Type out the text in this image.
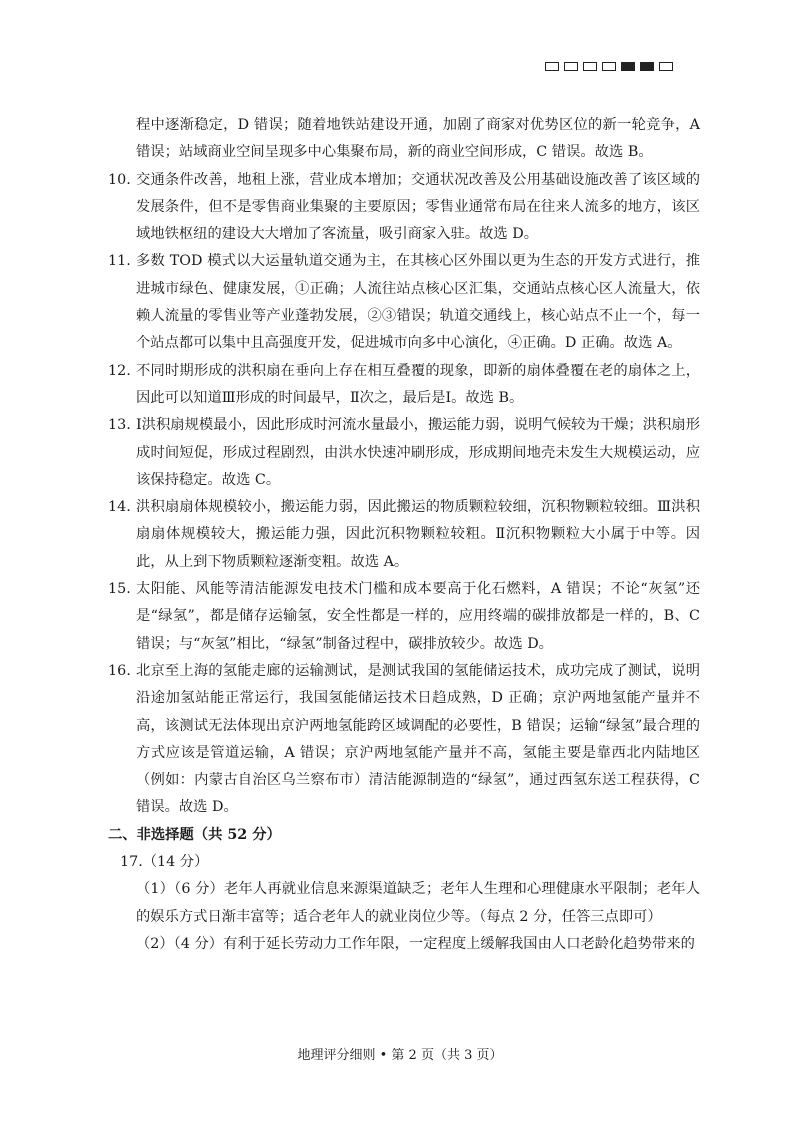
程中逐渐稳定，D 错误；随着地铁站建设开通，加剧了商家对优势区位的新一轮竞争，A 错误；站域商业空间呈现多中心集聚布局，新的商业空间形成，C 错误。故选 B。

10. 交通条件改善，地租上涨，营业成本增加；交通状况改善及公用基础设施改善了该区域的发展条件，但不是零售商业集聚的主要原因；零售业通常布局在往来人流多的地方，该区域地铁枢纽的建设大大增加了客流量，吸引商家入驻。故选 D。
11. 多数 TOD 模式以大运量轨道交通为主，在其核心区外围以更为生态的开发方式进行，推进城市绿色、健康发展，①正确；人流往站点核心区汇集，交通站点核心区人流量大，依赖人流量的零售业等产业蓬勃发展，②③错误；轨道交通线上，核心站点不止一个，每一个站点都可以集中且高强度开发，促进城市向多中心演化，④正确。D 正确。故选 A。
12. 不同时期形成的洪积扇在垂向上存在相互叠覆的现象，即新的扇体叠覆在老的扇体之上，因此可以知道Ⅲ形成的时间最早，Ⅱ次之，最后是Ⅰ。故选 B。
13. Ⅰ洪积扇规模最小，因此形成时河流水量最小，搬运能力弱，说明气候较为干燥；洪积扇形成时间短促，形成过程剧烈，由洪水快速冲刷形成，形成期间地壳未发生大规模运动，应该保持稳定。故选 C。
14. 洪积扇扇体规模较小，搬运能力弱，因此搬运的物质颗粒较细，沉积物颗粒较细。Ⅲ洪积扇扇体规模较大，搬运能力强，因此沉积物颗粒较粗。Ⅱ沉积物颗粒大小属于中等。因此，从上到下物质颗粒逐渐变粗。故选 A。
15. 太阳能、风能等清洁能源发电技术门槛和成本要高于化石燃料，A 错误；不论“灰氢”还是“绿氢”，都是储存运输氢，安全性都是一样的，应用终端的碳排放都是一样的，B、C 错误；与“灰氢”相比，“绿氢”制备过程中，碳排放较少。故选 D。
16. 北京至上海的氢能走廊的运输测试，是测试我国的氢能储运技术，成功完成了测试，说明沿途加氢站能正常运行，我国氢能储运技术日趋成熟，D 正确；京沪两地氢能产量并不高，该测试无法体现出京沪两地氢能跨区域调配的必要性，B 错误；运输“绿氢”最合理的方式应该是管道运输，A 错误；京沪两地氢能产量并不高，氢能主要是靠西北内陆地区（例如：内蒙古自治区乌兰察布市）清洁能源制造的“绿氢”，通过西氢东送工程获得，C 错误。故选 D。

二、非选择题（共 52 分）

17.（14 分）

（1）（6 分）老年人再就业信息来源渠道缺乏；老年人生理和心理健康水平限制；老年人的娱乐方式日渐丰富等；适合老年人的就业岗位少等。（每点 2 分，任答三点即可）

（2）（4 分）有利于延长劳动力工作年限，一定程度上缓解我国由人口老龄化趋势带来的

地理评分细则 • 第 2 页（共 3 页）
